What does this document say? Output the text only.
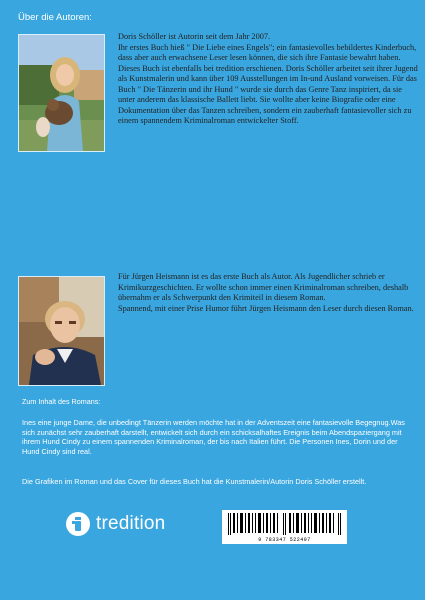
Über die Autoren:

Doris Schöller ist Autorin seit dem Jahr 2007.

Ihr erstes Buch hieß " Die Liebe eines Engels"; ein fantasievolles bebildertes Kinderbuch, dass aber auch erwachsene Leser lesen können, die sich ihre Fantasie bewahrt haben. Dieses Buch ist ebenfalls bei tredition erschienen. Doris Schöller arbeitet seit ihrer Jugend als Kunstmalerin und kann über 109 Ausstellungen im In-und Ausland vorweisen. Für das Buch " Die Tänzerin und ihr Hund " wurde sie durch das Genre Tanz inspiriert, da sie unter anderem das klassische Ballett liebt. Sie wollte aber keine Biografie oder eine Dokumentation über das Tanzen schreiben, sondern ein zauberhaft fantasievoller sich zu einem spannendem Kriminalroman entwickelter Stoff.

Für Jürgen Heismann ist es das erste Buch als Autor. Als Jugendlicher schrieb er Krimikurzgeschichten. Er wollte schon immer einen Kriminalroman schreiben, deshalb übernahm er als Schwerpunkt den Krimiteil in diesem Roman.

Spannend, mit einer Prise Humor führt Jürgen Heismann den Leser durch diesen Roman.

Zum Inhalt des Romans:

Ines eine junge Dame, die unbedingt Tänzerin werden möchte hat in der Adventszeit eine fantasievolle Begegnug.Was sich zunächst sehr zauberhaft darstellt, entwickelt sich durch ein schicksalhaftes Ereignis beim Abendspaziergang mit ihrem Hund Cindy zu einem spannenden Kriminalroman, der bis nach Italien führt. Die Personen Ines, Dorin und der Hund Cindy sind real.

Die Grafiken im Roman und das Cover für dieses Buch hat die Kunstmalerin/Autorin Doris Schöller erstellt.

tredition
9 783347 522497
